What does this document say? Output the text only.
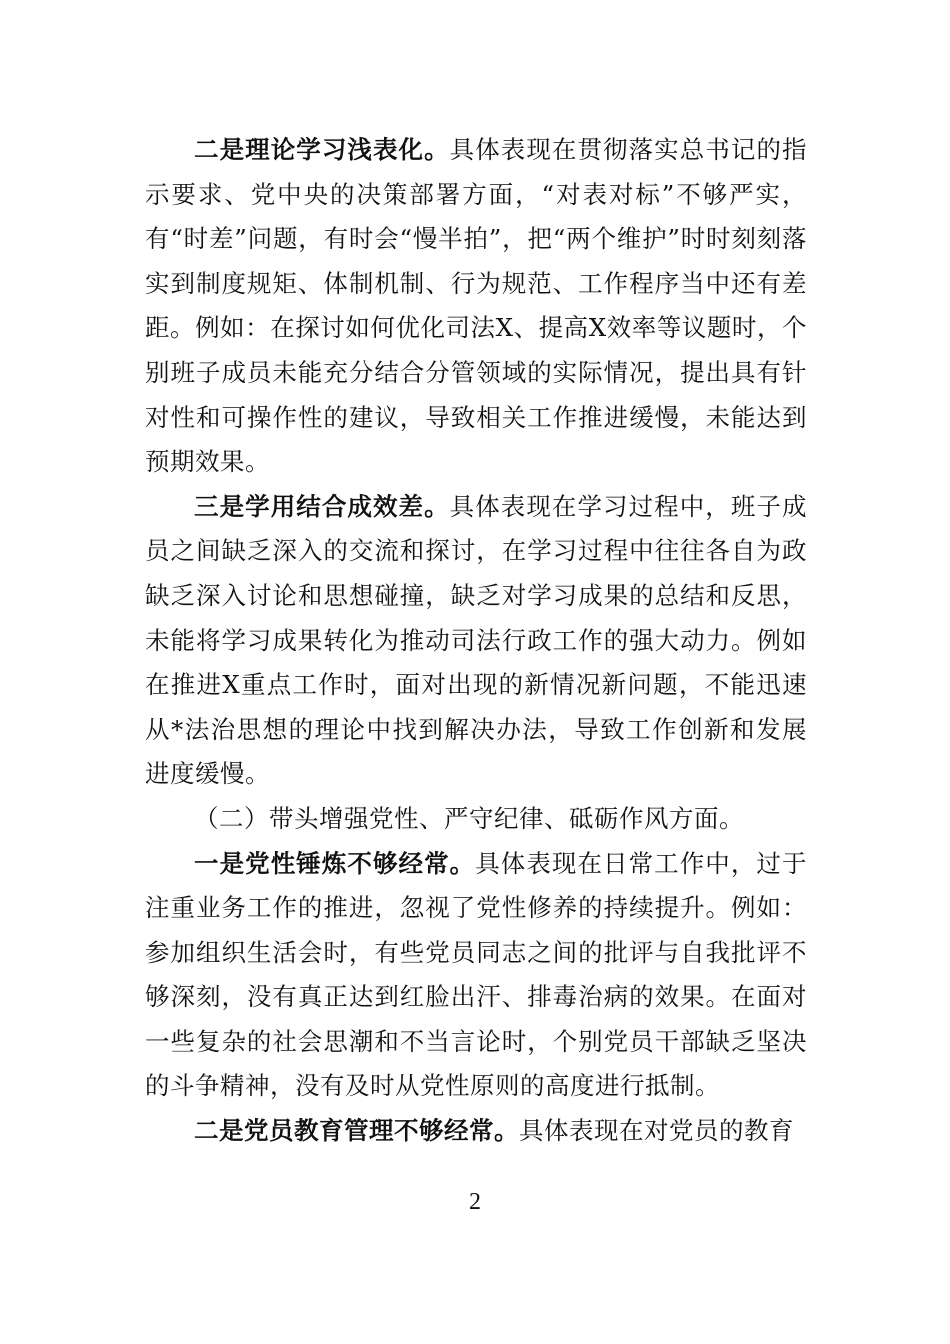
二是理论学习浅表化。具体表现在贯彻落实总书记的指示要求、党中央的决策部署方面，“对表对标”不够严实，有“时差”问题，有时会“慢半拍”，把“两个维护”时时刻刻落实到制度规矩、体制机制、行为规范、工作程序当中还有差距。例如：在探讨如何优化司法X、提高X效率等议题时，个别班子成员未能充分结合分管领域的实际情况，提出具有针对性和可操作性的建议，导致相关工作推进缓慢，未能达到预期效果。

三是学用结合成效差。具体表现在学习过程中，班子成员之间缺乏深入的交流和探讨，在学习过程中往往各自为政缺乏深入讨论和思想碰撞，缺乏对学习成果的总结和反思，未能将学习成果转化为推动司法行政工作的强大动力。例如在推进X重点工作时，面对出现的新情况新问题，不能迅速从*法治思想的理论中找到解决办法，导致工作创新和发展进度缓慢。

（二）带头增强党性、严守纪律、砥砺作风方面。

一是党性锤炼不够经常。具体表现在日常工作中，过于注重业务工作的推进，忽视了党性修养的持续提升。例如：参加组织生活会时，有些党员同志之间的批评与自我批评不够深刻，没有真正达到红脸出汗、排毒治病的效果。在面对一些复杂的社会思潮和不当言论时，个别党员干部缺乏坚决的斗争精神，没有及时从党性原则的高度进行抵制。

二是党员教育管理不够经常。具体表现在对党员的教育

2
